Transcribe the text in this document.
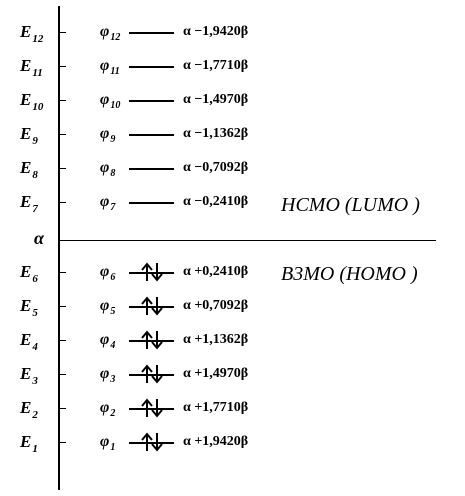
α
$E_{12}$	$\varphi_{12}$	α −1,9420β
$E_{11}$	$\varphi_{11}$	α −1,7710β
$E_{10}$	$\varphi_{10}$	α −1,4970β
$E_9$	$\varphi_9$	α −1,1362β
$E_8$	$\varphi_8$	α −0,7092β
$E_7$	$\varphi_7$	α −0,2410β
$E_6$	$\varphi_6$	α +0,2410β
$E_5$	$\varphi_5$	α +0,7092β
$E_4$	$\varphi_4$	α +1,1362β
$E_3$	$\varphi_3$	α +1,4970β
$E_2$	$\varphi_2$	α +1,7710β
$E_1$	$\varphi_1$	α +1,9420β
HCMO (LUMO )
B3MO (HOMO )
